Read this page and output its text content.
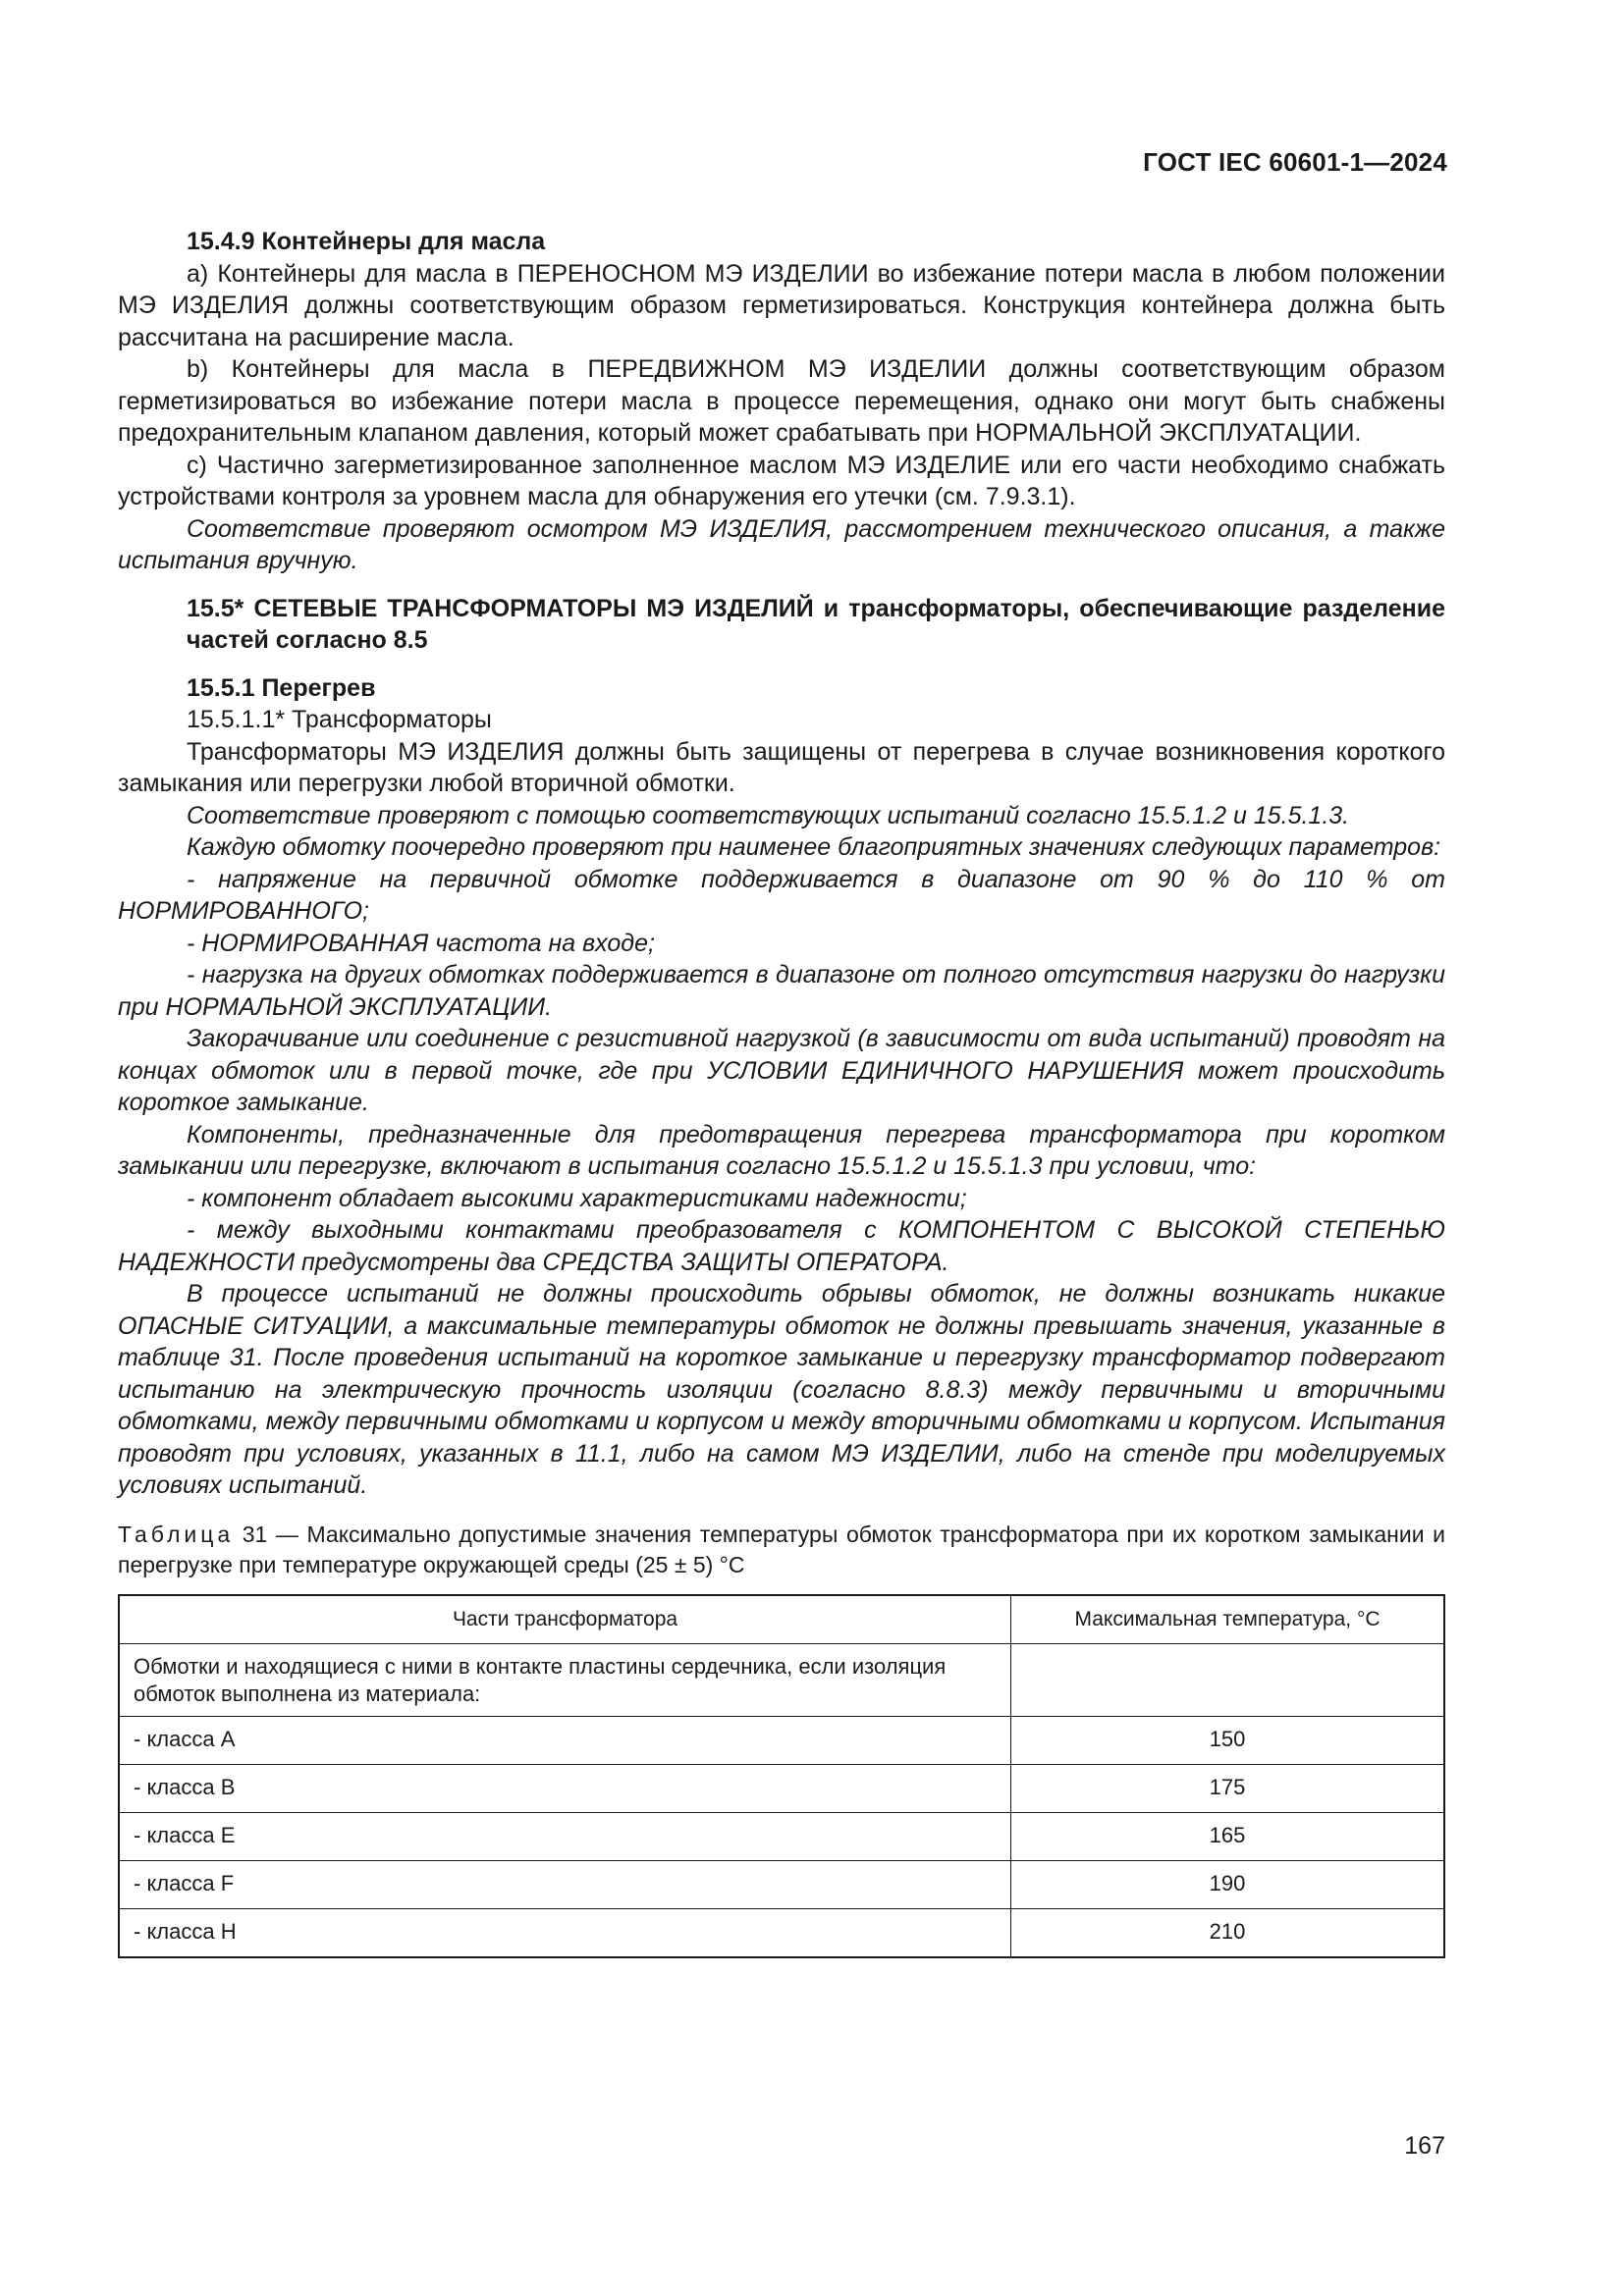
ГОСТ IEC 60601-1—2024

15.4.9 Контейнеры для масла

а) Контейнеры для масла в ПЕРЕНОСНОМ МЭ ИЗДЕЛИИ во избежание потери масла в любом положении МЭ ИЗДЕЛИЯ должны соответствующим образом герметизироваться. Конструкция контейнера должна быть рассчитана на расширение масла.

b) Контейнеры для масла в ПЕРЕДВИЖНОМ МЭ ИЗДЕЛИИ должны соответствующим образом герметизироваться во избежание потери масла в процессе перемещения, однако они могут быть снабжены предохранительным клапаном давления, который может срабатывать при НОРМАЛЬНОЙ ЭКСПЛУАТАЦИИ.

с) Частично загерметизированное заполненное маслом МЭ ИЗДЕЛИЕ или его части необходимо снабжать устройствами контроля за уровнем масла для обнаружения его утечки (см. 7.9.3.1).

Соответствие проверяют осмотром МЭ ИЗДЕЛИЯ, рассмотрением технического описания, а также испытания вручную.

15.5* СЕТЕВЫЕ ТРАНСФОРМАТОРЫ МЭ ИЗДЕЛИЙ и трансформаторы, обеспечивающие разделение частей согласно 8.5

15.5.1 Перегрев

15.5.1.1* Трансформаторы

Трансформаторы МЭ ИЗДЕЛИЯ должны быть защищены от перегрева в случае возникновения короткого замыкания или перегрузки любой вторичной обмотки.

Соответствие проверяют с помощью соответствующих испытаний согласно 15.5.1.2 и 15.5.1.3.

Каждую обмотку поочередно проверяют при наименее благоприятных значениях следующих параметров:

- напряжение на первичной обмотке поддерживается в диапазоне от 90 % до 110 % от НОРМИРОВАННОГО;

- НОРМИРОВАННАЯ частота на входе;

- нагрузка на других обмотках поддерживается в диапазоне от полного отсутствия нагрузки до нагрузки при НОРМАЛЬНОЙ ЭКСПЛУАТАЦИИ.

Закорачивание или соединение с резистивной нагрузкой (в зависимости от вида испытаний) проводят на концах обмоток или в первой точке, где при УСЛОВИИ ЕДИНИЧНОГО НАРУШЕНИЯ может происходить короткое замыкание.

Компоненты, предназначенные для предотвращения перегрева трансформатора при коротком замыкании или перегрузке, включают в испытания согласно 15.5.1.2 и 15.5.1.3 при условии, что:

- компонент обладает высокими характеристиками надежности;

- между выходными контактами преобразователя с КОМПОНЕНТОМ С ВЫСОКОЙ СТЕПЕНЬЮ НАДЕЖНОСТИ предусмотрены два СРЕДСТВА ЗАЩИТЫ ОПЕРАТОРА.

В процессе испытаний не должны происходить обрывы обмоток, не должны возникать никакие ОПАСНЫЕ СИТУАЦИИ, а максимальные температуры обмоток не должны превышать значения, указанные в таблице 31. После проведения испытаний на короткое замыкание и перегрузку трансформатор подвергают испытанию на электрическую прочность изоляции (согласно 8.8.3) между первичными и вторичными обмотками, между первичными обмотками и корпусом и между вторичными обмотками и корпусом. Испытания проводят при условиях, указанных в 11.1, либо на самом МЭ ИЗДЕЛИИ, либо на стенде при моделируемых условиях испытаний.

Таблица 31 — Максимально допустимые значения температуры обмоток трансформатора при их коротком замыкании и перегрузке при температуре окружающей среды (25 ± 5) °C

Части трансформатора	Максимальная температура, °C
Обмотки и находящиеся с ними в контакте пластины сердечника, если изоляция обмоток выполнена из материала:	
- класса А	150
- класса В	175
- класса Е	165
- класса F	190
- класса Н	210
167
